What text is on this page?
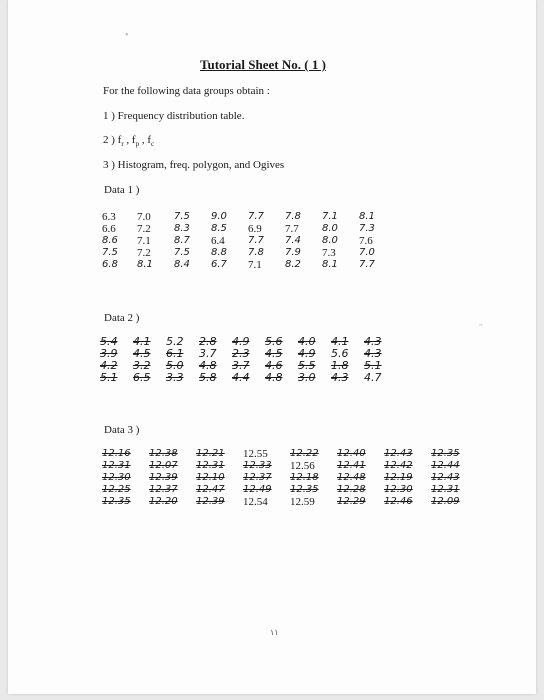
•
Tutorial Sheet No. ( 1 )
For the following data groups obtain :
1 ) Frequency distribution table.
2 ) $f_r$ , $f_p$ , $f_c$
3 ) Histogram, freq. polygon, and Ogives
Data 1 )
6.3	7.0	7.5	9.0	7.7	7.8	7.1	8.1
6.6	7.2	8.3	8.5	6.9	7.7	8.0	7.3
8.6	7.1	8.7	6.4	7.7	7.4	8.0	7.6
7.5	7.2	7.5	8.8	7.8	7.9	7.3	7.0
6.8	8.1	8.4	6.7	7.1	8.2	8.1	7.7
Data 2 )
5.4	4.1	5.2	2.8	4.9	5.6	4.0	4.1	4.3
3.9	4.5	6.1	3.7	2.3	4.5	4.9	5.6	4.3
4.2	3.2	5.0	4.8	3.7	4.6	5.5	1.8	5.1
5.1	6.5	3.3	5.8	4.4	4.8	3.0	4.3	4.7
Data 3 )
12.16	12.38	12.21	12.55	12.22	12.40	12.43	12.35
12.31	12.07	12.31	12.33	12.56	12.41	12.42	12.44
12.30	12.39	12.10	12.37	12.18	12.48	12.19	12.43
12.25	12.37	12.47	12.49	12.35	12.28	12.30	12.31
12.35	12.20	12.39	12.54	12.59	12.29	12.46	12.09
„
١١
